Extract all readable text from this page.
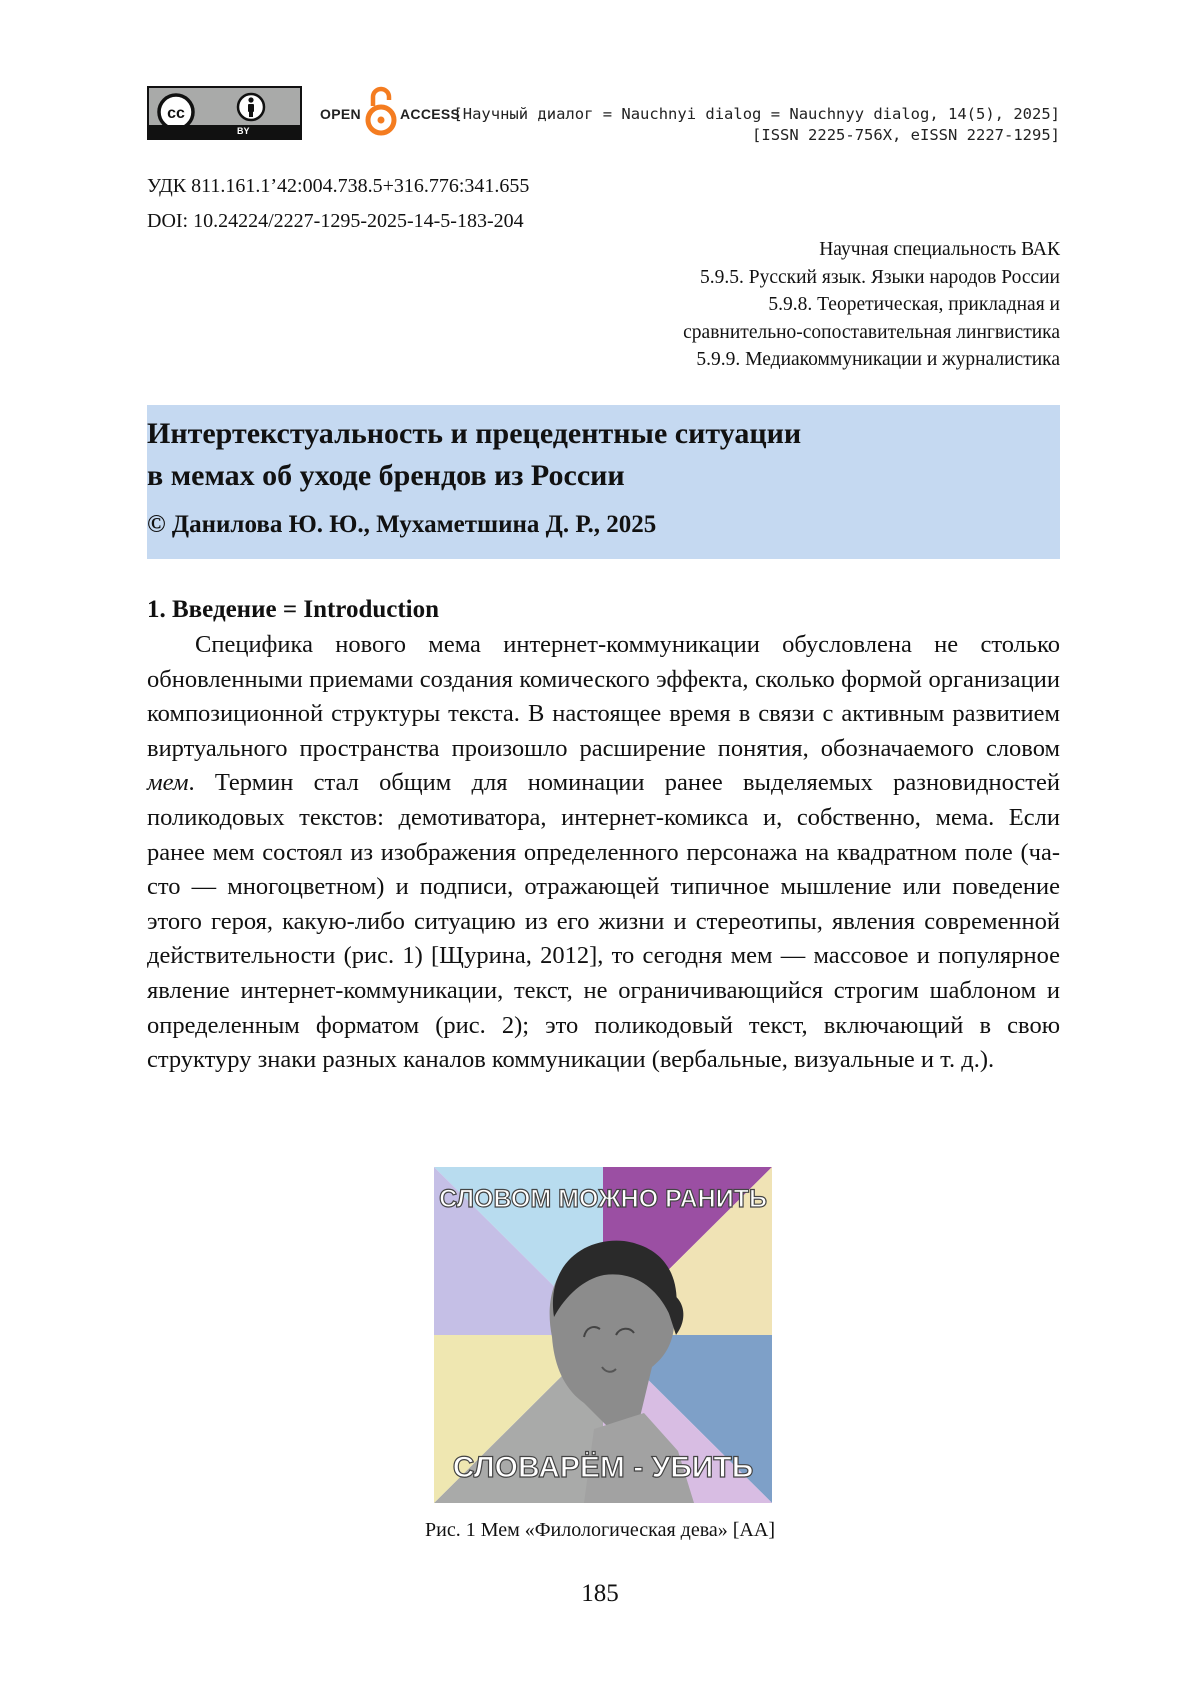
cc
BY
OPEN	ACCESS
[Научный диалог = Nauchnyi dialog = Nauchnyy dialog, 14(5), 2025]
[ISSN 2225-756X, eISSN 2227-1295]
УДК 811.161.1’42:004.738.5+316.776:341.655
DOI: 10.24224/2227-1295-2025-14-5-183-204
Научная специальность ВАК
5.9.5. Русский язык. Языки народов России
5.9.8. Теоретическая, прикладная и
сравнительно-сопоставительная лингвистика
5.9.9. Медиакоммуникации и журналистика
Интертекстуальность и прецедентные ситуации
в мемах об уходе брендов из России
© Данилова Ю. Ю., Мухаметшина Д. Р., 2025
1. Введение = Introduction
Специфика нового мема интернет-коммуникации обусловлена не столько обновленными приемами создания комического эффекта, сколько формой организации композиционной структуры текста. В настоящее время в связи с активным развитием виртуального пространства произошло расширение понятия, обозначаемого словом мем. Термин стал общим для номинации ранее выделяемых разновидностей поликодовых текстов: демотиватора, интернет-комикса и, собственно, мема. Если ранее мем состоял из изображения определенного персонажа на квадратном поле (часто — многоцветном) и подписи, отражающей типичное мышление или поведение этого героя, какую-либо ситуацию из его жизни и стереотипы, явления современной действительности (рис. 1) [Щурина, 2012], то сегодня мем — массовое и популярное явление интернет-коммуникации, текст, не ограничивающийся строгим шаблоном и определенным форматом (рис. 2); это поликодовый текст, включающий в свою структуру знаки разных каналов коммуникации (вербальные, визуальные и т. д.).
СЛОВОМ МОЖНО РАНИТЬ
СЛОВАРЁМ - УБИТЬ
Рис. 1 Мем «Филологическая дева» [АА]
185
